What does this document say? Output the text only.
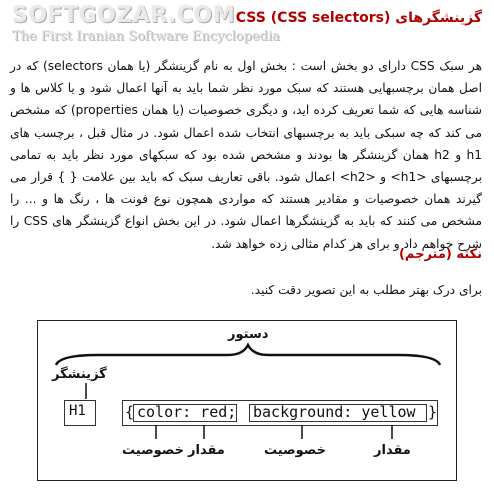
SOFTGOZAR.COM
The First Iranian Software Encyclopedia
گزینشگرهای CSS (CSS selectors)
هر سبک CSS دارای دو بخش است : بخش اول به نام گزینشگر (یا همان selectors) که در اصل همان برچسبهایی هستند که سبک مورد نظر شما باید به آنها اعمال شود و یا کلاس ها و شناسه هایی که شما تعریف کرده اید، و دیگری خصوصیات (یا همان properties) که مشخص می کند که چه سبکی باید به برچسبهای انتخاب شده اعمال شود. در مثال قبل ، برچسب های h1 و h2 همان گزینشگر ها بودند و مشخص شده بود که سبکهای مورد نظر باید به تمامی برچسبهای <h1> و <h2> اعمال شود. باقی تعاریف سبک که باید بین علامت { } قرار می گیرند همان خصوصیات و مقادیر هستند که مواردی همچون نوع فونت ها ، رنگ ها و ... را مشخص می کنند که باید به گزینشگرها اعمال شود. در این بخش انواع گزینشگر های CSS را شرح خواهم داد و برای هر کدام مثالی زده خواهد شد.
نکته (مترجم)
برای درک بهتر مطلب به این تصویر دقت کنید.
دستور
گزینشگر
H1	{ color: red; background: yellow }
خصوصیت مقدار	خصوصیت	مقدار
